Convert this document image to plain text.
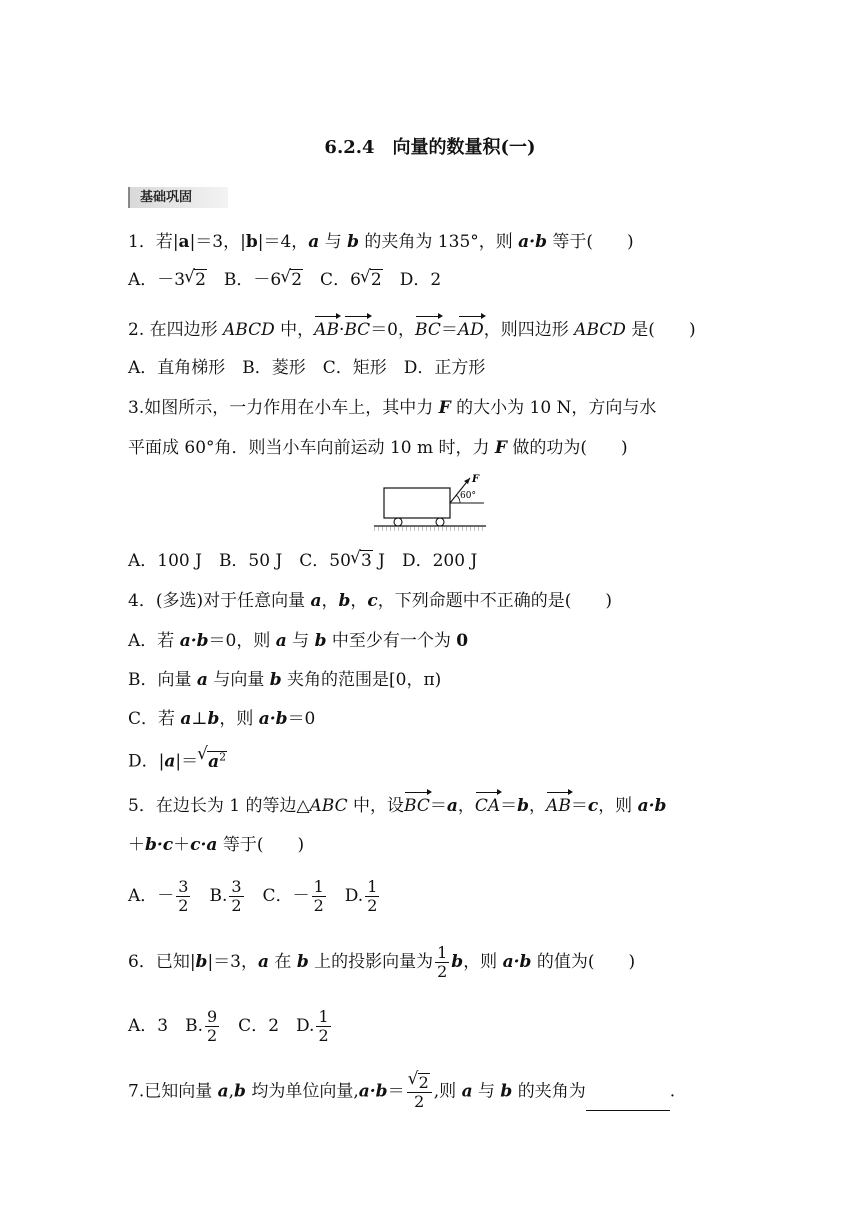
6.2.4　向量的数量积(一)
基础巩固
1．若|a|＝3，|b|＝4，a 与 b 的夹角为 135°，则 a·b 等于(　　)
A．－3 √ 2　B．－6 √ 2　C．6 √ 2　D．2
2. 在四边形 ABCD 中，AB·BC＝0，BC＝AD，则四边形 ABCD 是(　　)
A．直角梯形　B．菱形　C．矩形　D．正方形
3.如图所示，一力作用在小车上，其中力 F 的大小为 10 N，方向与水
平面成 60°角．则当小车向前运动 10 m 时，力 F 做的功为(　　)
F
60°
A．100 J　B．50 J　C．50 √ 3 J　D．200 J
4．(多选)对于任意向量 a，b，c，下列命题中不正确的是(　　)
A．若 a·b＝0，则 a 与 b 中至少有一个为 0
B．向量 a 与向量 b 夹角的范围是[0，π)
C．若 a⊥b，则 a·b＝0
D．|a|＝ √ $a^2$
5．在边长为 1 的等边△ABC 中，设BC＝a，CA＝b，AB＝c，则 a·b
＋b·c＋c·a 等于(　　)
A．－ $\frac{3}{2}$ 　B. $\frac{3}{2}$ 　C．－ $\frac{1}{2}$ 　D. $\frac{1}{2}$
6．已知|b|＝3，a 在 b 上的投影向量为 $\frac{1}{2}$ b，则 a·b 的值为(　　)
A．3　B. $\frac{9}{2}$ 　C．2　D. $\frac{1}{2}$
7.已知向量 a,b 均为单位向量,a·b＝ √ $\frac{2}{2}$ ,则 a 与 b 的夹角为	.
